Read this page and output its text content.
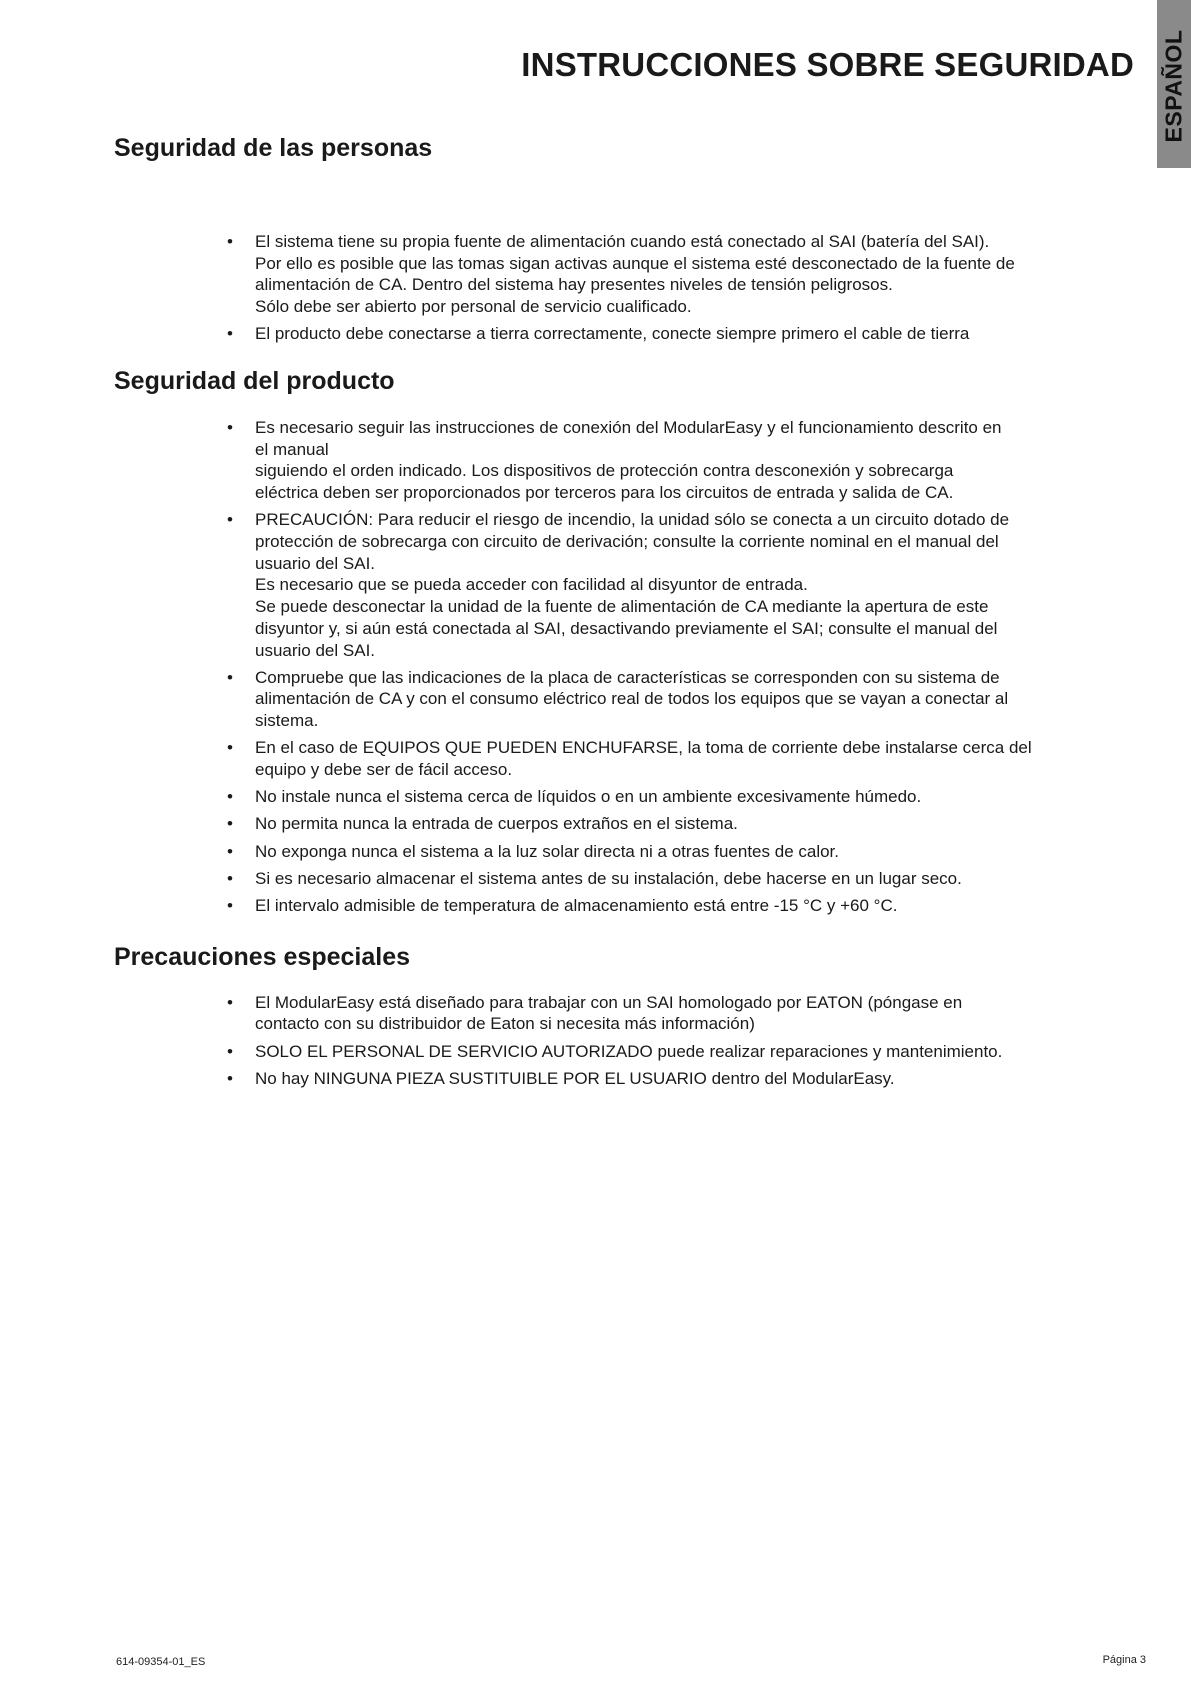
ESPAÑOL
INSTRUCCIONES SOBRE SEGURIDAD
Seguridad de las personas
• El sistema tiene su propia fuente de alimentación cuando está conectado al SAI (batería del SAI).
Por ello es posible que las tomas sigan activas aunque el sistema esté desconectado de la fuente de
alimentación de CA. Dentro del sistema hay presentes niveles de tensión peligrosos.
Sólo debe ser abierto por personal de servicio cualificado.
• El producto debe conectarse a tierra correctamente, conecte siempre primero el cable de tierra
Seguridad del producto
• Es necesario seguir las instrucciones de conexión del ModularEasy y el funcionamiento descrito en
el manual
siguiendo el orden indicado. Los dispositivos de protección contra desconexión y sobrecarga
eléctrica deben ser proporcionados por terceros para los circuitos de entrada y salida de CA.
• PRECAUCIÓN: Para reducir el riesgo de incendio, la unidad sólo se conecta a un circuito dotado de
protección de sobrecarga con circuito de derivación; consulte la corriente nominal en el manual del
usuario del SAI.
Es necesario que se pueda acceder con facilidad al disyuntor de entrada.
Se puede desconectar la unidad de la fuente de alimentación de CA mediante la apertura de este
disyuntor y, si aún está conectada al SAI, desactivando previamente el SAI; consulte el manual del
usuario del SAI.
• Compruebe que las indicaciones de la placa de características se corresponden con su sistema de
alimentación de CA y con el consumo eléctrico real de todos los equipos que se vayan a conectar al
sistema.
• En el caso de EQUIPOS QUE PUEDEN ENCHUFARSE, la toma de corriente debe instalarse cerca del
equipo y debe ser de fácil acceso.
• No instale nunca el sistema cerca de líquidos o en un ambiente excesivamente húmedo.
• No permita nunca la entrada de cuerpos extraños en el sistema.
• No exponga nunca el sistema a la luz solar directa ni a otras fuentes de calor.
• Si es necesario almacenar el sistema antes de su instalación, debe hacerse en un lugar seco.
• El intervalo admisible de temperatura de almacenamiento está entre -15 °C y +60 °C.
Precauciones especiales
• El ModularEasy está diseñado para trabajar con un SAI homologado por EATON (póngase en
contacto con su distribuidor de Eaton si necesita más información)
• SOLO EL PERSONAL DE SERVICIO AUTORIZADO puede realizar reparaciones y mantenimiento.
• No hay NINGUNA PIEZA SUSTITUIBLE POR EL USUARIO dentro del ModularEasy.
614-09354-01_ES	Página 3
